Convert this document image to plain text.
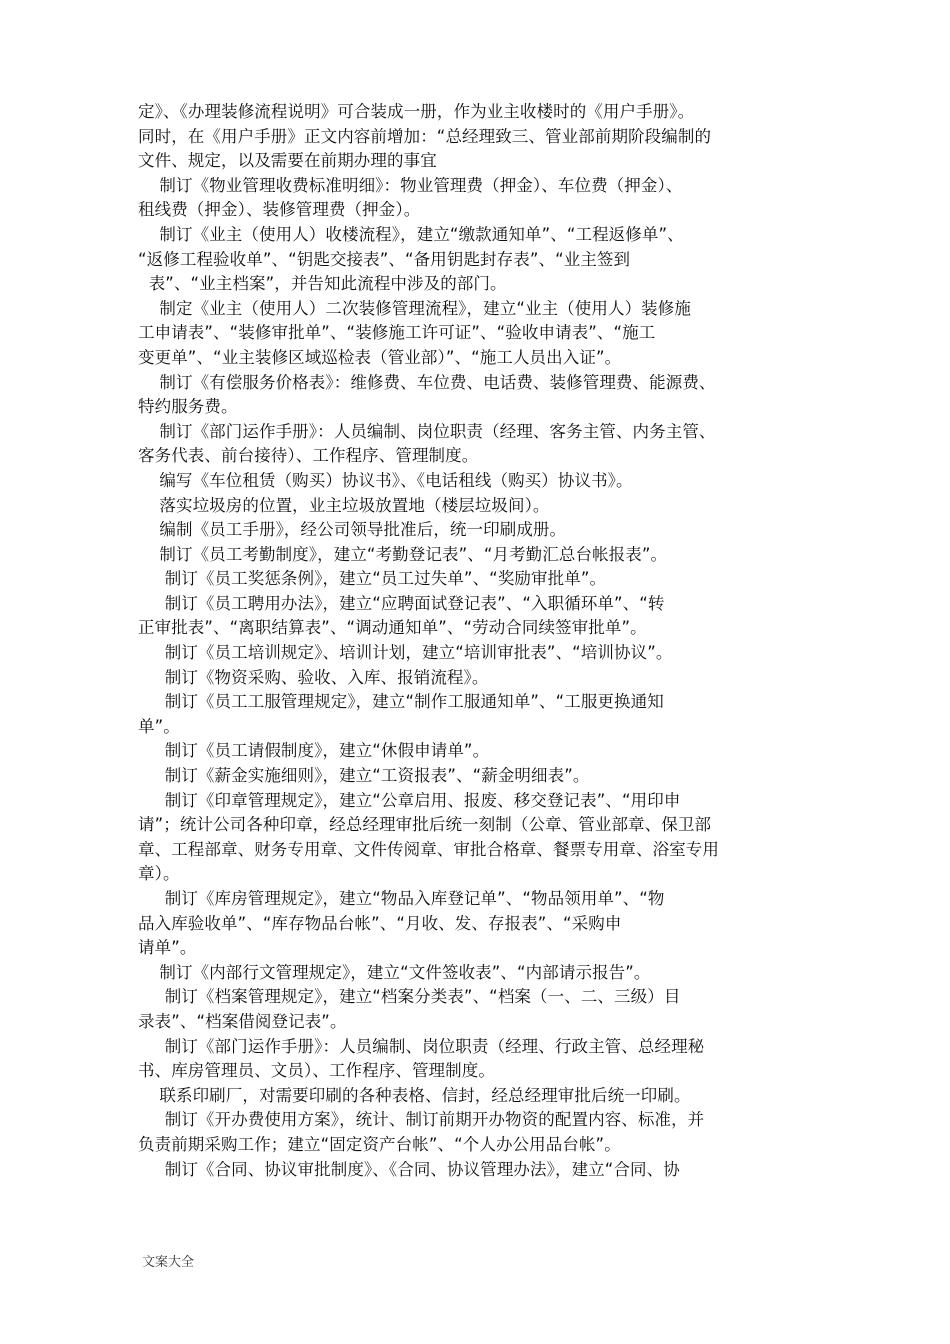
定》、《办理装修流程说明》可合装成一册，作为业主收楼时的《用户手册》。
同时，在《用户手册》正文内容前增加：“总经理致三、管业部前期阶段编制的
文件、规定，以及需要在前期办理的事宜
制订《物业管理收费标准明细》：物业管理费（押金）、车位费（押金）、
租线费（押金）、装修管理费（押金）。
制订《业主（使用人）收楼流程》，建立“缴款通知单”、“工程返修单”、
“返修工程验收单”、“钥匙交接表”、“备用钥匙封存表”、“业主签到
表”、“业主档案”，并告知此流程中涉及的部门。
制定《业主（使用人）二次装修管理流程》，建立“业主（使用人）装修施
工申请表”、“装修审批单”、“装修施工许可证”、“验收申请表”、“施工
变更单”、“业主装修区域巡检表（管业部）”、“施工人员出入证”。
制订《有偿服务价格表》：维修费、车位费、电话费、装修管理费、能源费、
特约服务费。
制订《部门运作手册》：人员编制、岗位职责（经理、客务主管、内务主管、
客务代表、前台接待）、工作程序、管理制度。
编写《车位租赁（购买）协议书》、《电话租线（购买）协议书》。
落实垃圾房的位置，业主垃圾放置地（楼层垃圾间）。
编制《员工手册》，经公司领导批准后，统一印刷成册。
制订《员工考勤制度》，建立“考勤登记表”、“月考勤汇总台帐报表”。
制订《员工奖惩条例》，建立“员工过失单”、“奖励审批单”。
制订《员工聘用办法》，建立“应聘面试登记表”、“入职循环单”、“转
正审批表”、“离职结算表”、“调动通知单”、“劳动合同续签审批单”。
制订《员工培训规定》、培训计划，建立“培训审批表”、“培训协议”。
制订《物资采购、验收、入库、报销流程》。
制订《员工工服管理规定》，建立“制作工服通知单”、“工服更换通知
单”。
制订《员工请假制度》，建立“休假申请单”。
制订《薪金实施细则》，建立“工资报表”、“薪金明细表”。
制订《印章管理规定》，建立“公章启用、报废、移交登记表”、“用印申
请”；统计公司各种印章，经总经理审批后统一刻制（公章、管业部章、保卫部
章、工程部章、财务专用章、文件传阅章、审批合格章、餐票专用章、浴室专用
章）。
制订《库房管理规定》，建立“物品入库登记单”、“物品领用单”、“物
品入库验收单”、“库存物品台帐”、“月收、发、存报表”、“采购申
请单”。
制订《内部行文管理规定》，建立“文件签收表”、“内部请示报告”。
制订《档案管理规定》，建立“档案分类表”、“档案（一、二、三级）目
录表”、“档案借阅登记表”。
制订《部门运作手册》：人员编制、岗位职责（经理、行政主管、总经理秘
书、库房管理员、文员）、工作程序、管理制度。
联系印刷厂，对需要印刷的各种表格、信封，经总经理审批后统一印刷。
制订《开办费使用方案》，统计、制订前期开办物资的配置内容、标准，并
负责前期采购工作；建立“固定资产台帐”、“个人办公用品台帐”。
制订《合同、协议审批制度》、《合同、协议管理办法》，建立“合同、协
文案大全
